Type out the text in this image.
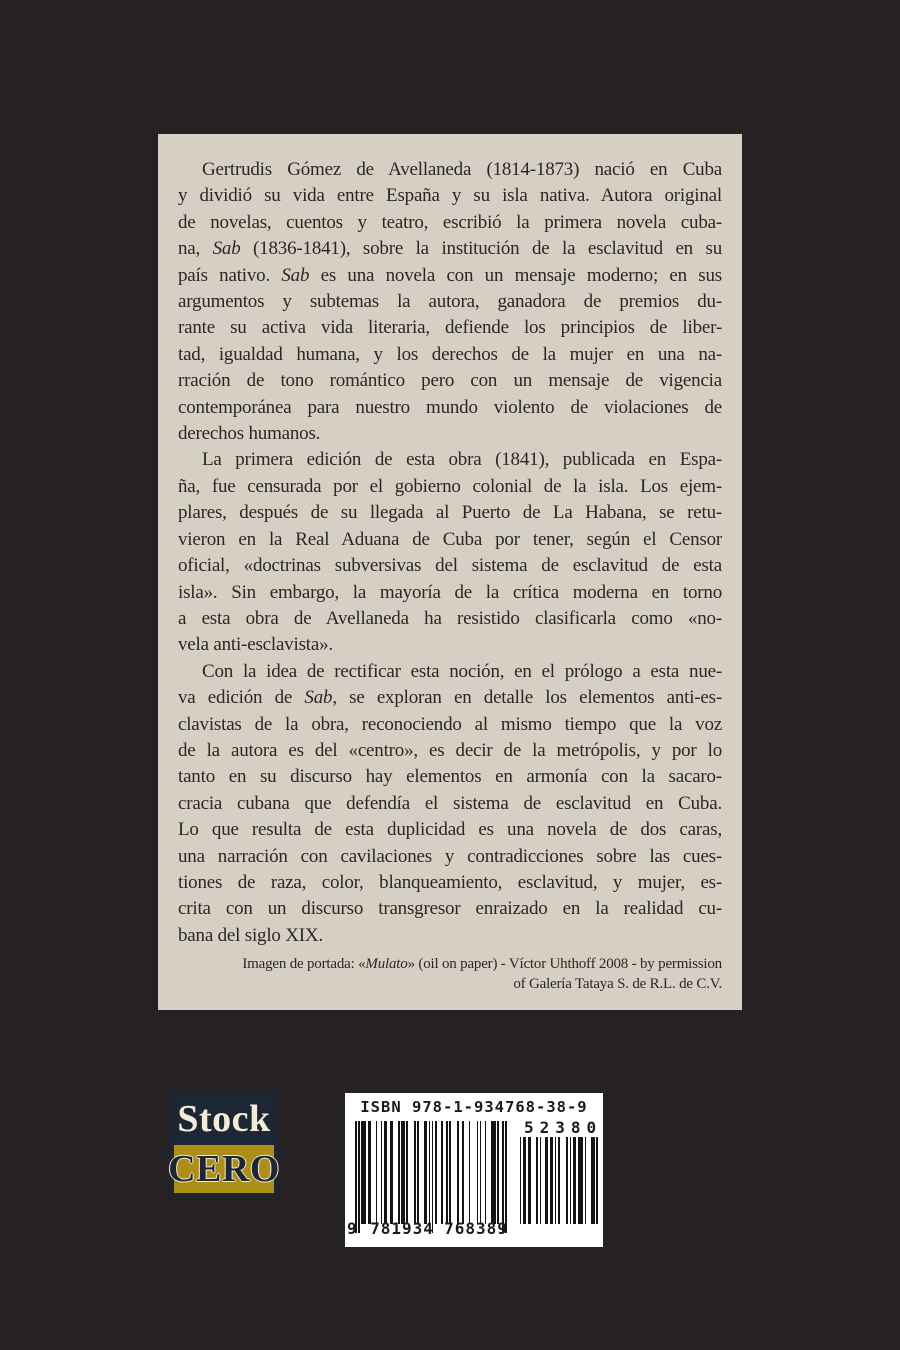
Gertrudis Gómez de Avellaneda (1814-1873) nació en Cuba
y dividió su vida entre España y su isla nativa. Autora original
de novelas, cuentos y teatro, escribió la primera novela cuba-
na, Sab (1836-1841), sobre la institución de la esclavitud en su
país nativo. Sab es una novela con un mensaje moderno; en sus
argumentos y subtemas la autora, ganadora de premios du-
rante su activa vida literaria, defiende los principios de liber-
tad, igualdad humana, y los derechos de la mujer en una na-
rración de tono romántico pero con un mensaje de vigencia
contemporánea para nuestro mundo violento de violaciones de
derechos humanos.
La primera edición de esta obra (1841), publicada en Espa-
ña, fue censurada por el gobierno colonial de la isla. Los ejem-
plares, después de su llegada al Puerto de La Habana, se retu-
vieron en la Real Aduana de Cuba por tener, según el Censor
oficial, «doctrinas subversivas del sistema de esclavitud de esta
isla». Sin embargo, la mayoría de la crítica moderna en torno
a esta obra de Avellaneda ha resistido clasificarla como «no-
vela anti-esclavista».
Con la idea de rectificar esta noción, en el prólogo a esta nue-
va edición de Sab, se exploran en detalle los elementos anti-es-
clavistas de la obra, reconociendo al mismo tiempo que la voz
de la autora es del «centro», es decir de la metrópolis, y por lo
tanto en su discurso hay elementos en armonía con la sacaro-
cracia cubana que defendía el sistema de esclavitud en Cuba.
Lo que resulta de esta duplicidad es una novela de dos caras,
una narración con cavilaciones y contradicciones sobre las cues-
tiones de raza, color, blanqueamiento, esclavitud, y mujer, es-
crita con un discurso transgresor enraizado en la realidad cu-
bana del siglo XIX.
Imagen de portada: «Mulato» (oil on paper) - Víctor Uhthoff 2008 - by permission
of Galería Tataya S. de R.L. de C.V.
Stock
CERO
ISBN 978-1-934768-38-9
9 781934 768389
52380
